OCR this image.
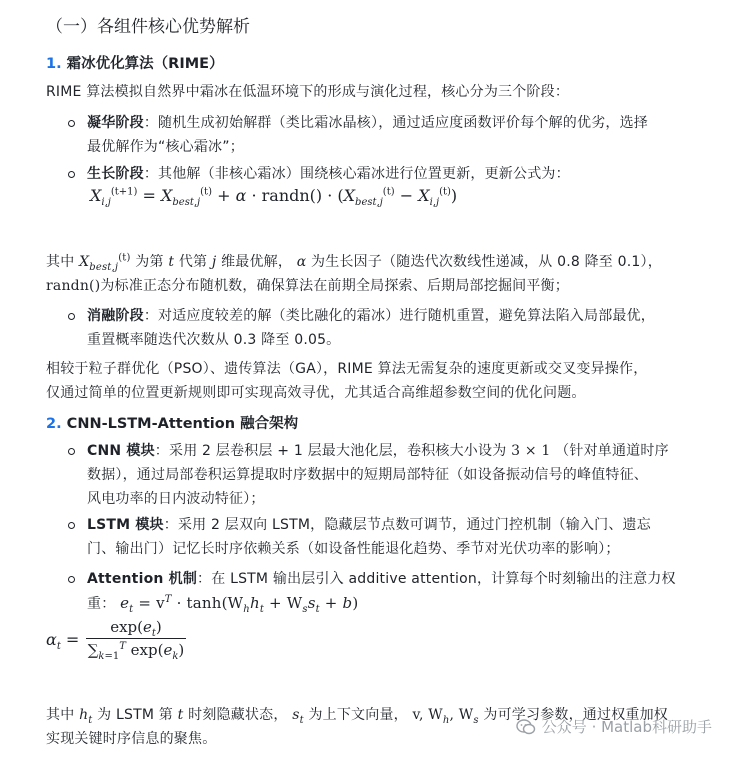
（一）各组件核心优势解析
1. 霜冰优化算法（RIME）
RIME 算法模拟自然界中霜冰在低温环境下的形成与演化过程，核心分为三个阶段：
凝华阶段：随机生成初始解群（类比霜冰晶核），通过适应度函数评价每个解的优劣，选择
最优解作为“核心霜冰”；
生长阶段：其他解（非核心霜冰）围绕核心霜冰进行位置更新，更新公式为：
$X_{i,j}^{(t+1)} = X_{best,j}^{(t)} + \alpha$ · randn() · $(X_{best,j}^{(t)} - X_{i,j}^{(t)})$
其中 $X_{best,j}^{(t)}$ 为第 t 代第 j 维最优解， α 为生长因子（随迭代次数线性递减，从 0.8 降至 0.1），
randn()为标准正态分布随机数，确保算法在前期全局探索、后期局部挖掘间平衡；
消融阶段：对适应度较差的解（类比融化的霜冰）进行随机重置，避免算法陷入局部最优，
重置概率随迭代次数从 0.3 降至 0.05。
相较于粒子群优化（PSO）、遗传算法（GA），RIME 算法无需复杂的速度更新或交叉变异操作，
仅通过简单的位置更新规则即可实现高效寻优，尤其适合高维超参数空间的优化问题。
2. CNN-LSTM-Attention 融合架构
CNN 模块：采用 2 层卷积层 + 1 层最大池化层，卷积核大小设为 3 × 1 （针对单通道时序
数据），通过局部卷积运算提取时序数据中的短期局部特征（如设备振动信号的峰值特征、
风电功率的日内波动特征）；
LSTM 模块：采用 2 层双向 LSTM，隐藏层节点数可调节，通过门控机制（输入门、遗忘
门、输出门）记忆长时序依赖关系（如设备性能退化趋势、季节对光伏功率的影响）；
Attention 机制：在 LSTM 输出层引入 additive attention，计算每个时刻输出的注意力权
重： $e_t = v^T \cdot \tanh(W_hh_t + W_ss_t + b)$
$\alpha_t$ =
$\exp(e_t)$
$\sum_{k=1}^T$ $\exp(e_k)$
其中 $h_t$ 为 LSTM 第 t 时刻隐藏状态， $s_t$ 为上下文向量， v, $W_h$, $W_s$ 为可学习参数，通过权重加权
实现关键时序信息的聚焦。
公众号 · Matlab科研助手
